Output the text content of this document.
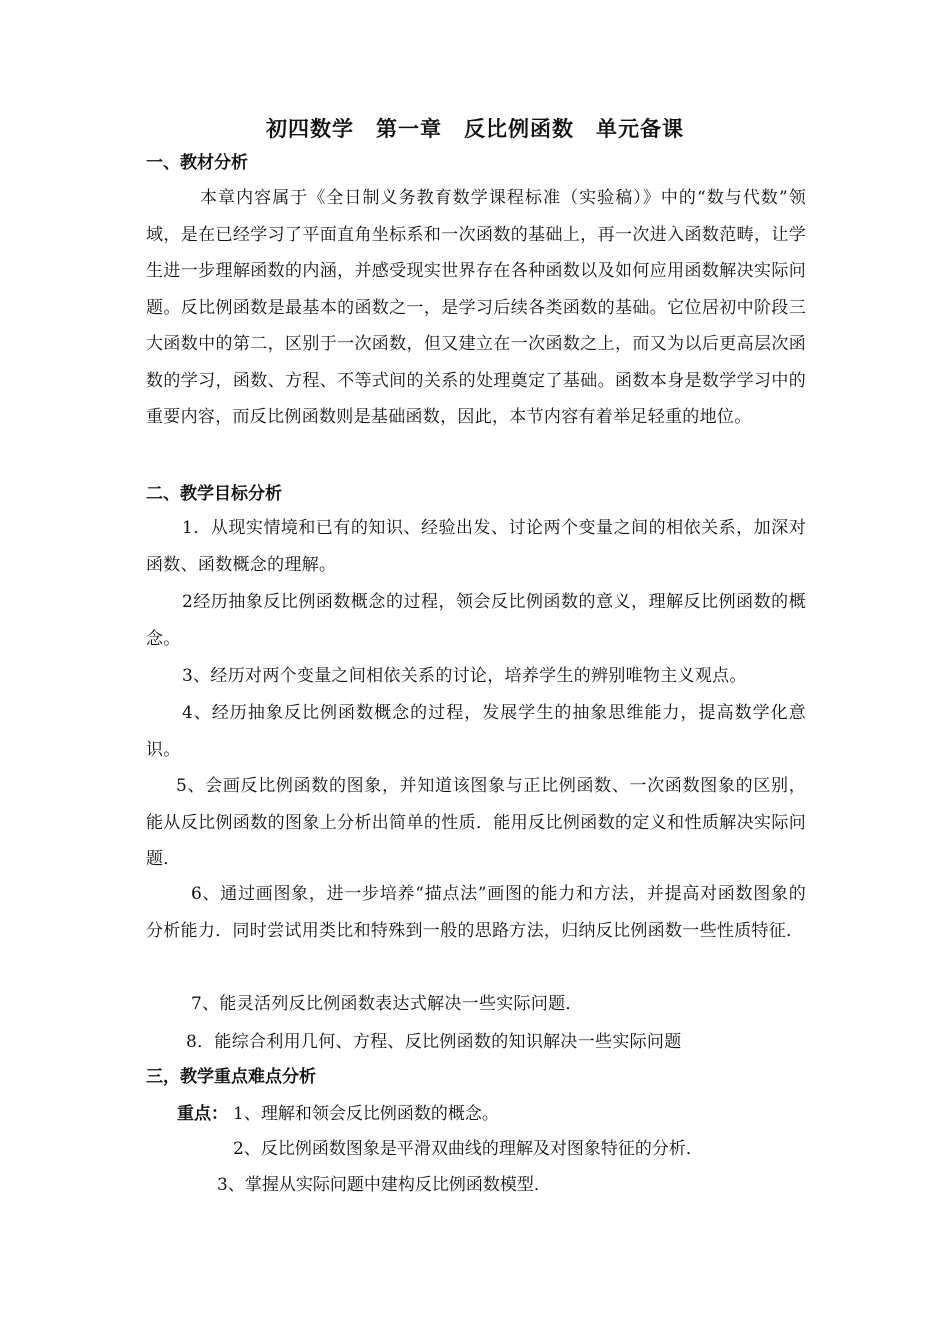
初四数学　第一章　反比例函数　单元备课
一、教材分析
本章内容属于《全日制义务教育数学课程标准（实验稿）》中的“数与代数”领域，是在已经学习了平面直角坐标系和一次函数的基础上，再一次进入函数范畴，让学生进一步理解函数的内涵，并感受现实世界存在各种函数以及如何应用函数解决实际问题。反比例函数是最基本的函数之一，是学习后续各类函数的基础。它位居初中阶段三大函数中的第二，区别于一次函数，但又建立在一次函数之上，而又为以后更高层次函数的学习，函数、方程、不等式间的关系的处理奠定了基础。函数本身是数学学习中的重要内容，而反比例函数则是基础函数，因此，本节内容有着举足轻重的地位。
二、教学目标分析
1．从现实情境和已有的知识、经验出发、讨论两个变量之间的相依关系，加深对函数、函数概念的理解。
2经历抽象反比例函数概念的过程，领会反比例函数的意义，理解反比例函数的概念。
3、经历对两个变量之间相依关系的讨论，培养学生的辨别唯物主义观点。
4、经历抽象反比例函数概念的过程，发展学生的抽象思维能力，提高数学化意识。
5、会画反比例函数的图象，并知道该图象与正比例函数、一次函数图象的区别，能从反比例函数的图象上分析出简单的性质．能用反比例函数的定义和性质解决实际问题．
6、通过画图象，进一步培养“描点法”画图的能力和方法，并提高对函数图象的分析能力．同时尝试用类比和特殊到一般的思路方法，归纳反比例函数一些性质特征．
7、能灵活列反比例函数表达式解决一些实际问题．
8．能综合利用几何、方程、反比例函数的知识解决一些实际问题
三，教学重点难点分析
重点： 1、理解和领会反比例函数的概念。
2、反比例函数图象是平滑双曲线的理解及对图象特征的分析．
3、掌握从实际问题中建构反比例函数模型．
